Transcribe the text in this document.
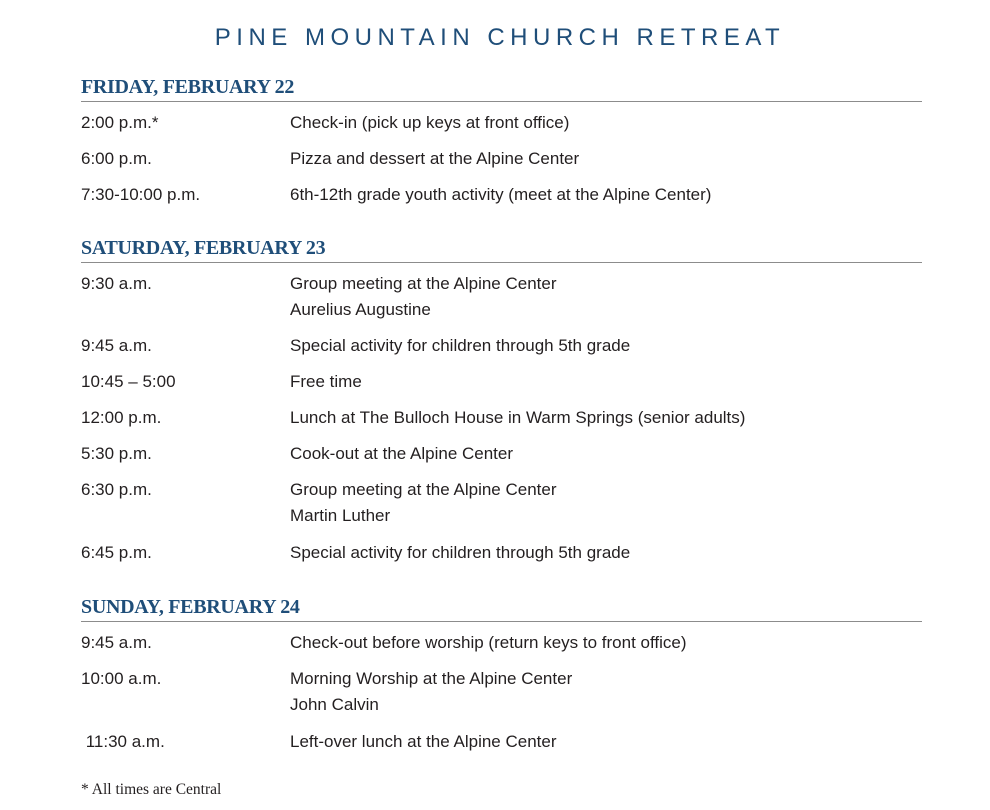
PINE MOUNTAIN CHURCH RETREAT
FRIDAY, FEBRUARY 22
2:00 p.m.*	Check-in (pick up keys at front office)
6:00 p.m.	Pizza and dessert at the Alpine Center
7:30-10:00 p.m.	6th-12th grade youth activity (meet at the Alpine Center)
SATURDAY, FEBRUARY 23
9:30 a.m.	Group meeting at the Alpine Center
Aurelius Augustine
9:45 a.m.	Special activity for children through 5th grade
10:45 – 5:00	Free time
12:00 p.m.	Lunch at The Bulloch House in Warm Springs (senior adults)
5:30 p.m.	Cook-out at the Alpine Center
6:30 p.m.	Group meeting at the Alpine Center
Martin Luther
6:45 p.m.	Special activity for children through 5th grade
SUNDAY, FEBRUARY 24
9:45 a.m.	Check-out before worship (return keys to front office)
10:00 a.m.	Morning Worship at the Alpine Center
John Calvin
11:30 a.m.	Left-over lunch at the Alpine Center
* All times are Central
